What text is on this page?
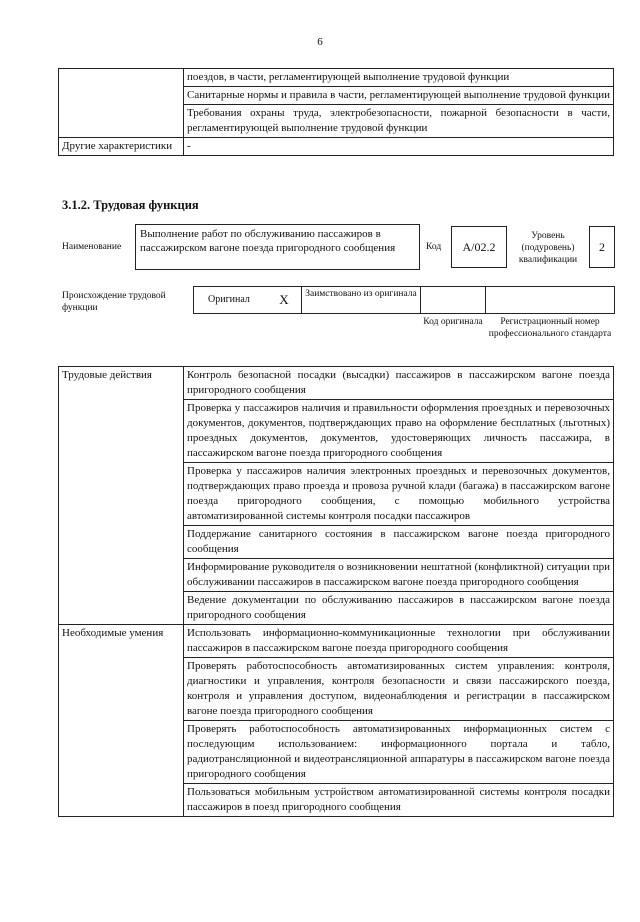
6
	поездов, в части, регламентирующей выполнение трудовой функции
	Санитарные нормы и правила в части, регламентирующей выполнение трудовой функции
	Требования охраны труда, электробезопасности, пожарной безопасности в части, регламентирующей выполнение трудовой функции
Другие характеристики	-
3.1.2. Трудовая функция
Наименование
Выполнение работ по обслуживанию пассажиров в пассажирском вагоне поезда пригородного сообщения	Код	А/02.2
Уровень (подуровень) квалификации
2
Происхождение трудовой функции
Оригинал	X	Заимствовано из оригинала
Код оригинала	Регистрационный номер профессионального стандарта
Трудовые действия	Контроль безопасной посадки (высадки) пассажиров в пассажирском вагоне поезда пригородного сообщения
	Проверка у пассажиров наличия и правильности оформления проездных и перевозочных документов, документов, подтверждающих право на оформление бесплатных (льготных) проездных документов, документов, удостоверяющих личность пассажира, в пассажирском вагоне поезда пригородного сообщения
	Проверка у пассажиров наличия электронных проездных и перевозочных документов, подтверждающих право проезда и провоза ручной клади (багажа) в пассажирском вагоне поезда пригородного сообщения, с помощью мобильного устройства автоматизированной системы контроля посадки пассажиров
	Поддержание санитарного состояния в пассажирском вагоне поезда пригородного сообщения
	Информирование руководителя о возникновении нештатной (конфликтной) ситуации при обслуживании пассажиров в пассажирском вагоне поезда пригородного сообщения
	Ведение документации по обслуживанию пассажиров в пассажирском вагоне поезда пригородного сообщения
Необходимые умения	Использовать информационно-коммуникационные технологии при обслуживании пассажиров в пассажирском вагоне поезда пригородного сообщения
	Проверять работоспособность автоматизированных систем управления: контроля, диагностики и управления, контроля безопасности и связи пассажирского поезда, контроля и управления доступом, видеонаблюдения и регистрации в пассажирском вагоне поезда пригородного сообщения
	Проверять работоспособность автоматизированных информационных систем с последующим использованием: информационного портала и табло, радиотрансляционной и видеотрансляционной аппаратуры в пассажирском вагоне поезда пригородного сообщения
	Пользоваться мобильным устройством автоматизированной системы контроля посадки пассажиров в поезд пригородного сообщения
